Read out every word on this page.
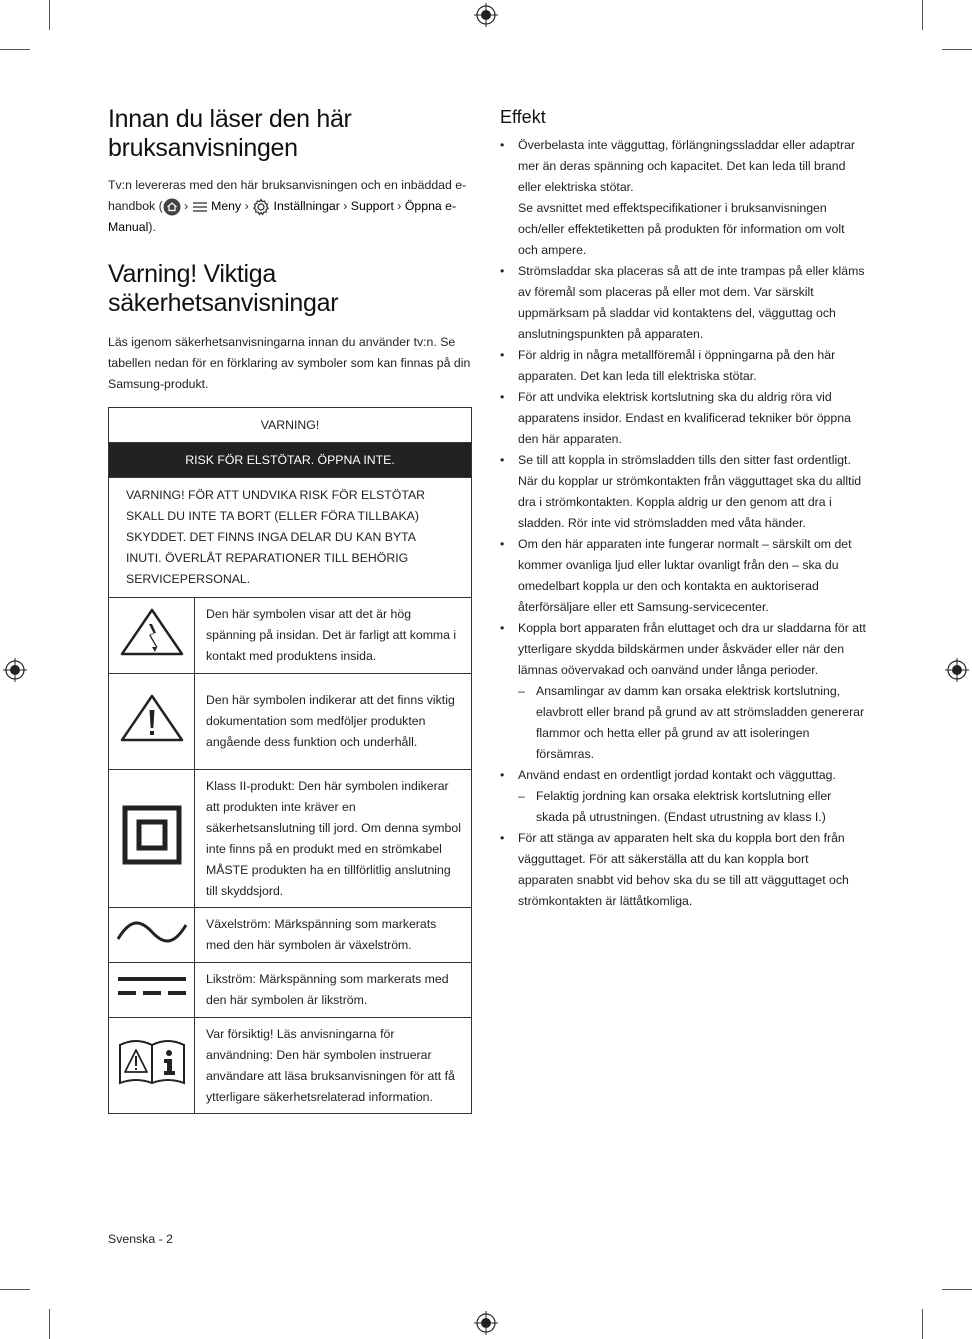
Innan du läser den här bruksanvisningen

Tv:n levereras med den här bruksanvisningen och en inbäddad e-handbok ( › Meny › Inställningar › Support › Öppna e-Manual).

Varning! Viktiga säkerhetsanvisningar

Läs igenom säkerhetsanvisningarna innan du använder tv:n. Se tabellen nedan för en förklaring av symboler som kan finnas på din Samsung-produkt.

VARNING!	
RISK FÖR ELSTÖTAR. ÖPPNA INTE.	
VARNING! FÖR ATT UNDVIKA RISK FÖR ELSTÖTAR SKALL DU INTE TA BORT (ELLER FÖRA TILLBAKA) SKYDDET. DET FINNS INGA DELAR DU KAN BYTA INUTI. ÖVERLÅT REPARATIONER TILL BEHÖRIG SERVICEPERSONAL.	
	Den här symbolen visar att det är hög spänning på insidan. Det är farligt att komma i kontakt med produktens insida.
	Den här symbolen indikerar att det finns viktig dokumentation som medföljer produkten angående dess funktion och underhåll.
	Klass II-produkt: Den här symbolen indikerar att produkten inte kräver en säkerhetsanslutning till jord. Om denna symbol inte finns på en produkt med en strömkabel MÅSTE produkten ha en tillförlitlig anslutning till skyddsjord.
	Växelström: Märkspänning som markerats med den här symbolen är växelström.
	Likström: Märkspänning som markerats med den här symbolen är likström.
	Var försiktig! Läs anvisningarna för användning: Den här symbolen instruerar användare att läsa bruksanvisningen för att få ytterligare säkerhetsrelaterad information.
Effekt
• Överbelasta inte vägguttag, förlängningssladdar eller adaptrar mer än deras spänning och kapacitet. Det kan leda till brand eller elektriska stötar.
Se avsnittet med effektspecifikationer i bruksanvisningen och/eller effektetiketten på produkten för information om volt och ampere.
• Strömsladdar ska placeras så att de inte trampas på eller kläms av föremål som placeras på eller mot dem. Var särskilt uppmärksam på sladdar vid kontaktens del, vägguttag och anslutningspunkten på apparaten.
• För aldrig in några metallföremål i öppningarna på den här apparaten. Det kan leda till elektriska stötar.
• För att undvika elektrisk kortslutning ska du aldrig röra vid apparatens insidor. Endast en kvalificerad tekniker bör öppna den här apparaten.
• Se till att koppla in strömsladden tills den sitter fast ordentligt. När du kopplar ur strömkontakten från vägguttaget ska du alltid dra i strömkontakten. Koppla aldrig ur den genom att dra i sladden. Rör inte vid strömsladden med våta händer.
• Om den här apparaten inte fungerar normalt – särskilt om det kommer ovanliga ljud eller luktar ovanligt från den – ska du omedelbart koppla ur den och kontakta en auktoriserad återförsäljare eller ett Samsung-servicecenter.
• Koppla bort apparaten från eluttaget och dra ur sladdarna för att ytterligare skydda bildskärmen under åskväder eller när den lämnas oövervakad och oanvänd under långa perioder.
– Ansamlingar av damm kan orsaka elektrisk kortslutning, elavbrott eller brand på grund av att strömsladden genererar flammor och hetta eller på grund av att isoleringen försämras.
• Använd endast en ordentligt jordad kontakt och vägguttag.
– Felaktig jordning kan orsaka elektrisk kortslutning eller skada på utrustningen. (Endast utrustning av klass I.)
• För att stänga av apparaten helt ska du koppla bort den från vägguttaget. För att säkerställa att du kan koppla bort apparaten snabbt vid behov ska du se till att vägguttaget och strömkontakten är lättåtkomliga.
Svenska - 2
